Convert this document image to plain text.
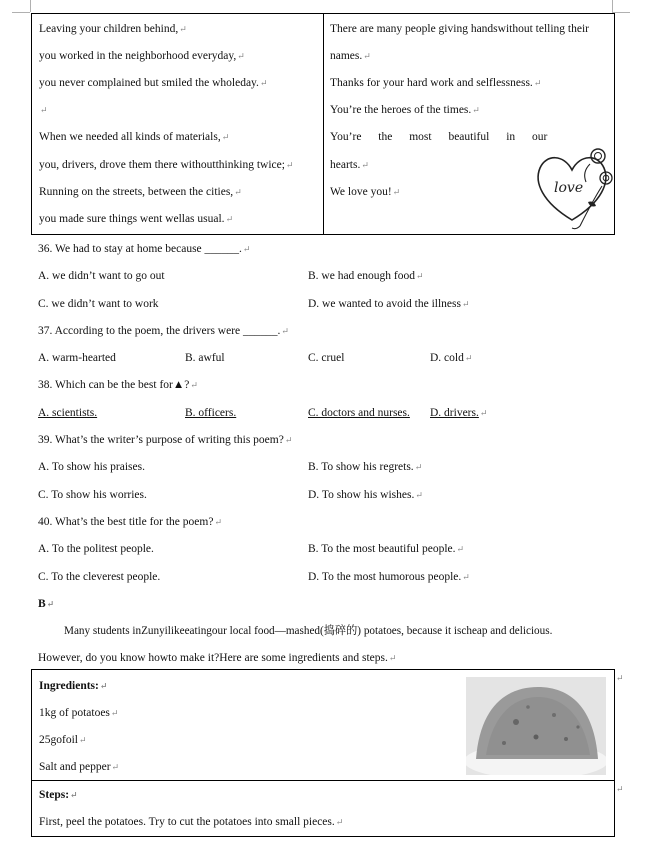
Leaving your children behind,↵
you worked in the neighborhood everyday,↵
you never complained but smiled the wholeday.↵
↵
When we needed all kinds of materials,↵
you, drivers, drove them there withoutthinking twice;↵
Running on the streets, between the cities,↵
you made sure things went wellas usual.↵
There are many people giving handswithout telling their
names.↵
Thanks for your hard work and selflessness.↵
You’re the heroes of the times.↵
You’re the most beautiful in our
hearts.↵
We love you!↵	love
36. We had to stay at home because ______.↵
A. we didn’t want to go out	B. we had enough food↵
C. we didn’t want to work	D. we wanted to avoid the illness↵
37. According to the poem, the drivers were ______.↵
A. warm-hearted	B. awful	C. cruel	D. cold↵
38. Which can be the best for▲?↵
A. scientists.	B. officers.	C. doctors and nurses. D. drivers.↵
39. What’s the writer’s purpose of writing this poem?↵
A. To show his praises.	B. To show his regrets.↵
C. To show his worries.	D. To show his wishes.↵
40. What’s the best title for the poem?↵
A. To the politest people.	B. To the most beautiful people.↵
C. To the cleverest people.	D. To the most humorous people.↵
B↵
Many students inZunyilikeeatingour local food—mashed(捣碎的) potatoes, because it ischeap and delicious.
However, do you know howto make it?Here are some ingredients and steps.↵
Ingredients:↵
1kg of potatoes↵
25gofoil↵
Salt and pepper↵
Steps:↵
First, peel the potatoes. Try to cut the potatoes into small pieces.↵
↵
↵
